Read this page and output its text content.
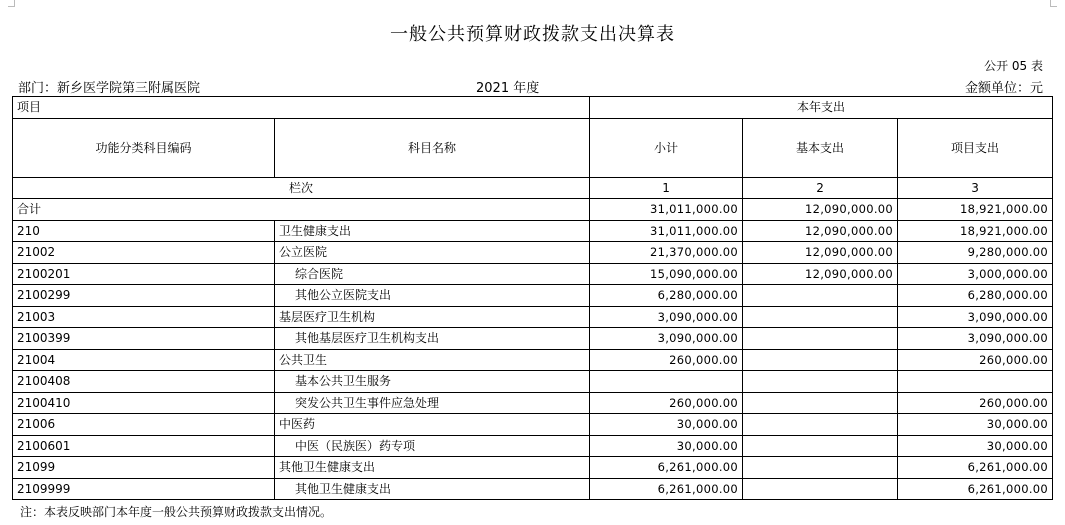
一般公共预算财政拨款支出决算表
公开 05 表
部门：新乡医学院第三附属医院	2021 年度	金额单位：元
项目		本年支出		
功能分类科目编码	科目名称	小计	基本支出	项目支出
栏次		1	2	3
合计		31,011,000.00	12,090,000.00	18,921,000.00
210	卫生健康支出	31,011,000.00	12,090,000.00	18,921,000.00
21002	公立医院	21,370,000.00	12,090,000.00	9,280,000.00
2100201	综合医院	15,090,000.00	12,090,000.00	3,000,000.00
2100299	其他公立医院支出	6,280,000.00		6,280,000.00
21003	基层医疗卫生机构	3,090,000.00		3,090,000.00
2100399	其他基层医疗卫生机构支出	3,090,000.00		3,090,000.00
21004	公共卫生	260,000.00		260,000.00
2100408	基本公共卫生服务			
2100410	突发公共卫生事件应急处理	260,000.00		260,000.00
21006	中医药	30,000.00		30,000.00
2100601	中医（民族医）药专项	30,000.00		30,000.00
21099	其他卫生健康支出	6,261,000.00		6,261,000.00
2109999	其他卫生健康支出	6,261,000.00		6,261,000.00
注：本表反映部门本年度一般公共预算财政拨款支出情况。
